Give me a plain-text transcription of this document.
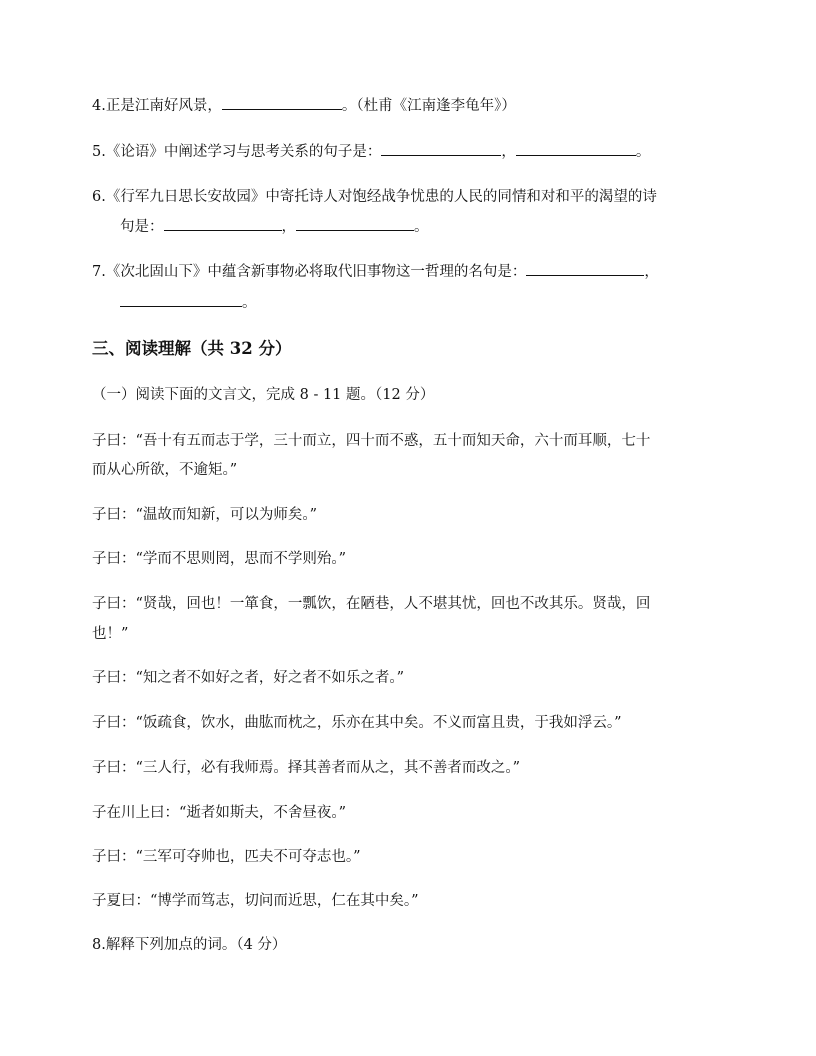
4.正是江南好风景，	。（杜甫《江南逢李龟年》）
5.《论语》中阐述学习与思考关系的句子是：	，	。
6.《行军九日思长安故园》中寄托诗人对饱经战争忧患的人民的同情和对和平的渴望的诗
句是：	，	。
7.《次北固山下》中蕴含新事物必将取代旧事物这一哲理的名句是：	，
。
三、阅读理解（共 32 分）
（一）阅读下面的文言文，完成 8 - 11 题。（12 分）
子曰：“吾十有五而志于学，三十而立，四十而不惑，五十而知天命，六十而耳顺，七十
而从心所欲，不逾矩。”
子曰：“温故而知新，可以为师矣。”
子曰：“学而不思则罔，思而不学则殆。”
子曰：“贤哉，回也！一箪食，一瓢饮，在陋巷，人不堪其忧，回也不改其乐。贤哉，回
也！”
子曰：“知之者不如好之者，好之者不如乐之者。”
子曰：“饭疏食，饮水，曲肱而枕之，乐亦在其中矣。不义而富且贵，于我如浮云。”
子曰：“三人行，必有我师焉。择其善者而从之，其不善者而改之。”
子在川上曰：“逝者如斯夫，不舍昼夜。”
子曰：“三军可夺帅也，匹夫不可夺志也。”
子夏曰：“博学而笃志，切问而近思，仁在其中矣。”
8.解释下列加点的词。（4 分）
